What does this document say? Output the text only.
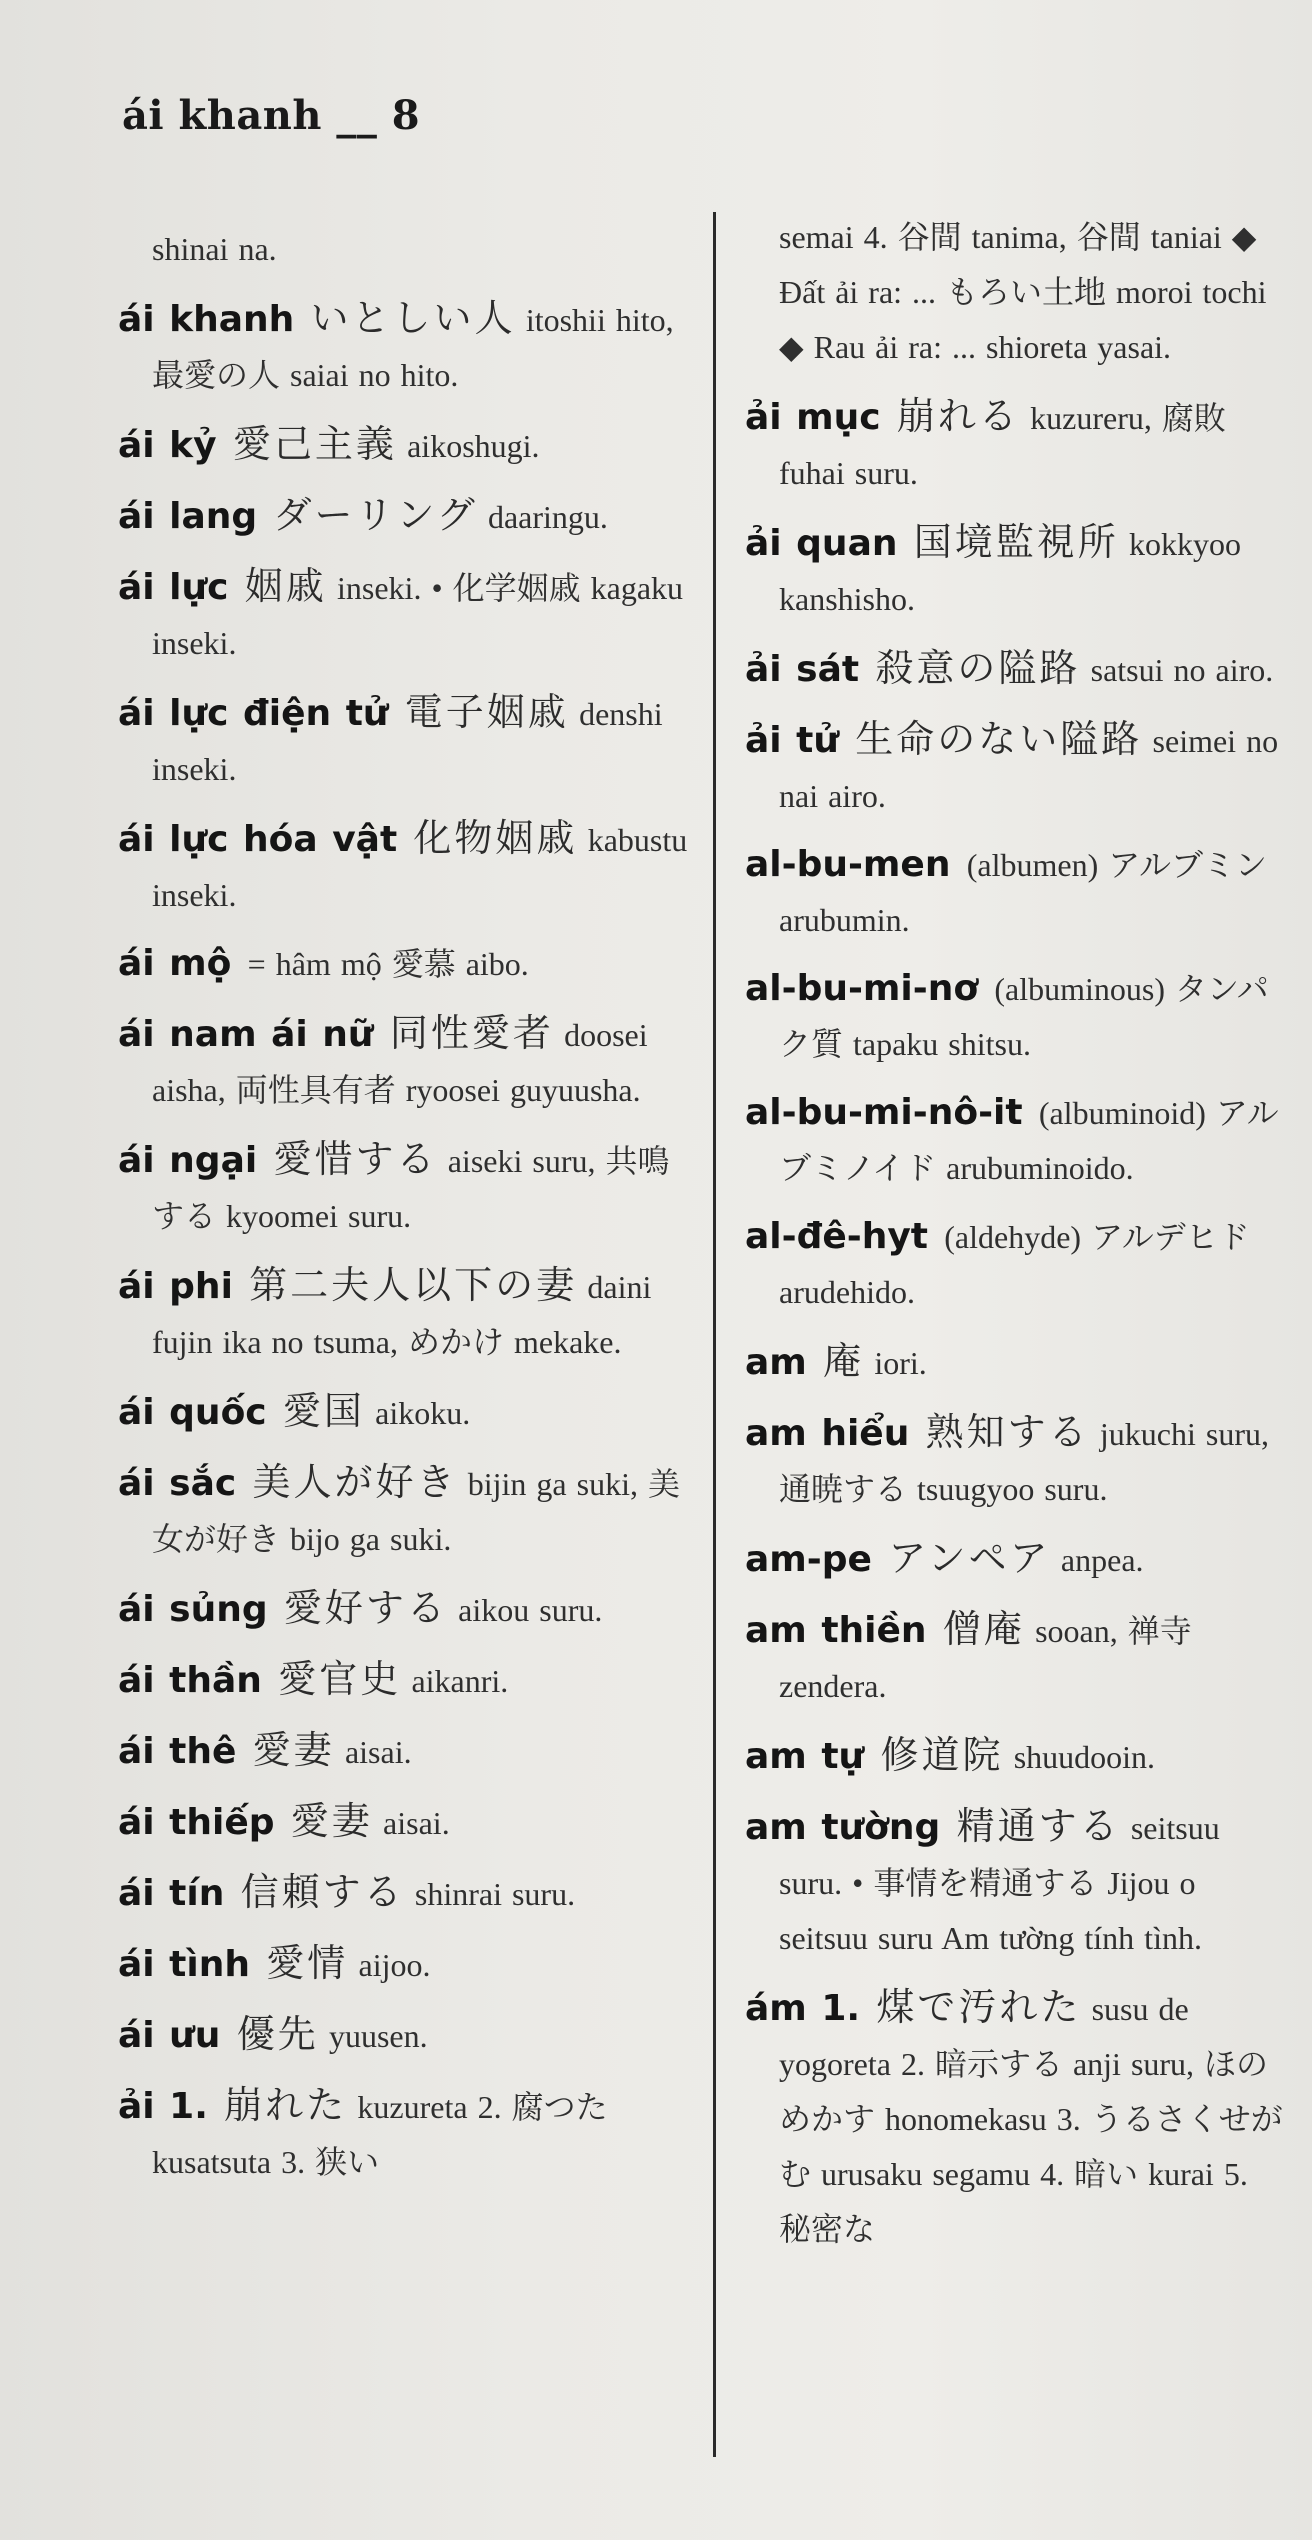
ái khanh __ 8
shinai na.
ái khanh いとしい人 itoshii hito, 最愛の人 saiai no hito.
ái kỷ 愛己主義 aikoshugi.
ái lang ダーリング daaringu.
ái lực 姻戚 inseki. • 化学姻戚 kagaku inseki.
ái lực điện tử 電子姻戚 denshi inseki.
ái lực hóa vật 化物姻戚 kabustu inseki.
ái mộ = hâm mộ 愛慕 aibo.
ái nam ái nữ 同性愛者 doosei aisha, 両性具有者 ryoosei guyuusha.
ái ngại 愛惜する aiseki suru, 共鳴する kyoomei suru.
ái phi 第二夫人以下の妻 daini fujin ika no tsuma, めかけ mekake.
ái quốc 愛国 aikoku.
ái sắc 美人が好き bijin ga suki, 美女が好き bijo ga suki.
ái sủng 愛好する aikou suru.
ái thần 愛官史 aikanri.
ái thê 愛妻 aisai.
ái thiếp 愛妻 aisai.
ái tín 信頼する shinrai suru.
ái tình 愛情 aijoo.
ái ưu 優先 yuusen.
ải 1. 崩れた kuzureta 2. 腐つた kusatsuta 3. 狭い
semai 4. 谷間 tanima, 谷間 taniai ◆ Đất ải ra: ... もろい土地 moroi tochi ◆ Rau ải ra: ... shioreta yasai.
ải mục 崩れる kuzureru, 腐敗 fuhai suru.
ải quan 国境監視所 kokkyoo kanshisho.
ải sát 殺意の隘路 satsui no airo.
ải tử 生命のない隘路 seimei no nai airo.
al-bu-men (albumen) アルブミン arubumin.
al-bu-mi-nơ (albuminous) タンパク質 tapaku shitsu.
al-bu-mi-nô-it (albuminoid) アルブミノイド arubuminoido.
al-đê-hyt (aldehyde) アルデヒド arudehido.
am 庵 iori.
am hiểu 熟知する jukuchi suru, 通暁する tsuugyoo suru.
am-pe アンペア anpea.
am thiền 僧庵 sooan, 禅寺 zendera.
am tự 修道院 shuudooin.
am tường 精通する seitsuu suru. • 事情を精通する Jijou o seitsuu suru Am tường tính tình.
ám 1. 煤で汚れた susu de yogoreta 2. 暗示する anji suru, ほのめかす honomekasu 3. うるさくせがむ urusaku segamu 4. 暗い kurai 5. 秘密な
